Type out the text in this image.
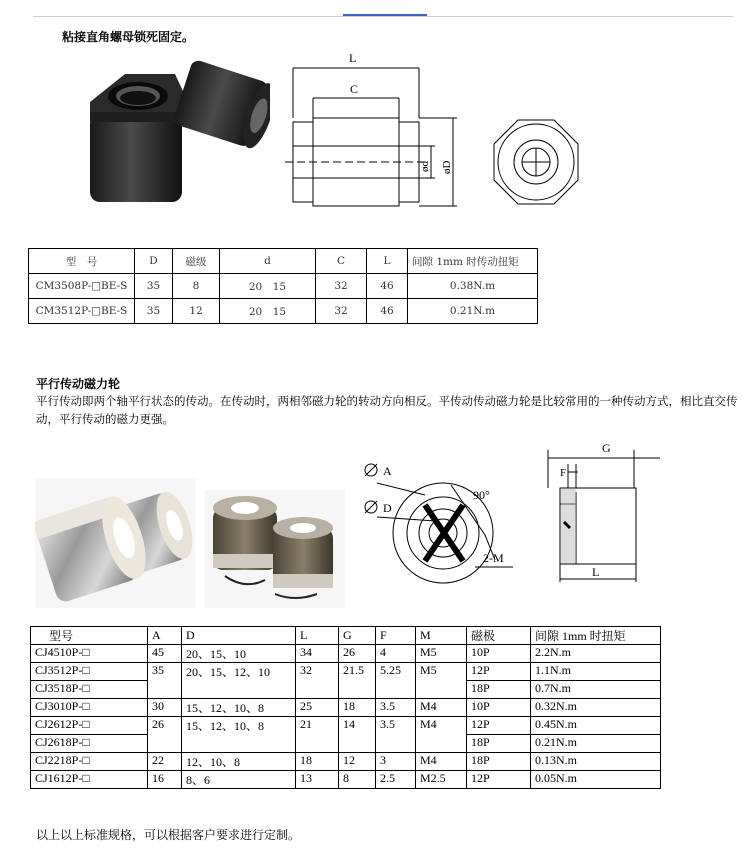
粘接直角螺母锁死固定。
L
C
ød øD
型　号	D	磁级	d	C	L	间隙 1mm 时传动扭矩
CM3508P-□BE-S	35	8	20　15	32	46	0.38N.m
CM3512P-□BE-S	35	12	20　15	32	46	0.21N.m
平行传动磁力轮
平行传动即两个轴平行状态的传动。在传动时，两相邻磁力轮的转动方向相反。平传动传动磁力轮是比较常用的一种传动方式，相比直交传动，平行传动的磁力更强。
A
D
90°
2-M
G
F
L
型号	A	D	L	G	F	M	磁极	间隙 1mm 时扭矩
CJ4510P-□	45	20、15、10	34	26	4	M5	10P	2.2N.m
CJ3512P-□	35	20、15、12、10	32	21.5	5.25	M5	12P	1.1N.m
CJ3518P-□							18P	0.7N.m
CJ3010P-□	30	15、12、10、8	25	18	3.5	M4	10P	0.32N.m
CJ2612P-□	26	15、12、10、8	21	14	3.5	M4	12P	0.45N.m
CJ2618P-□							18P	0.21N.m
CJ2218P-□	22	12、10、8	18	12	3	M4	18P	0.13N.m
CJ1612P-□	16	8、6	13	8	2.5	M2.5	12P	0.05N.m
以上以上标准规格，可以根据客户要求进行定制。
